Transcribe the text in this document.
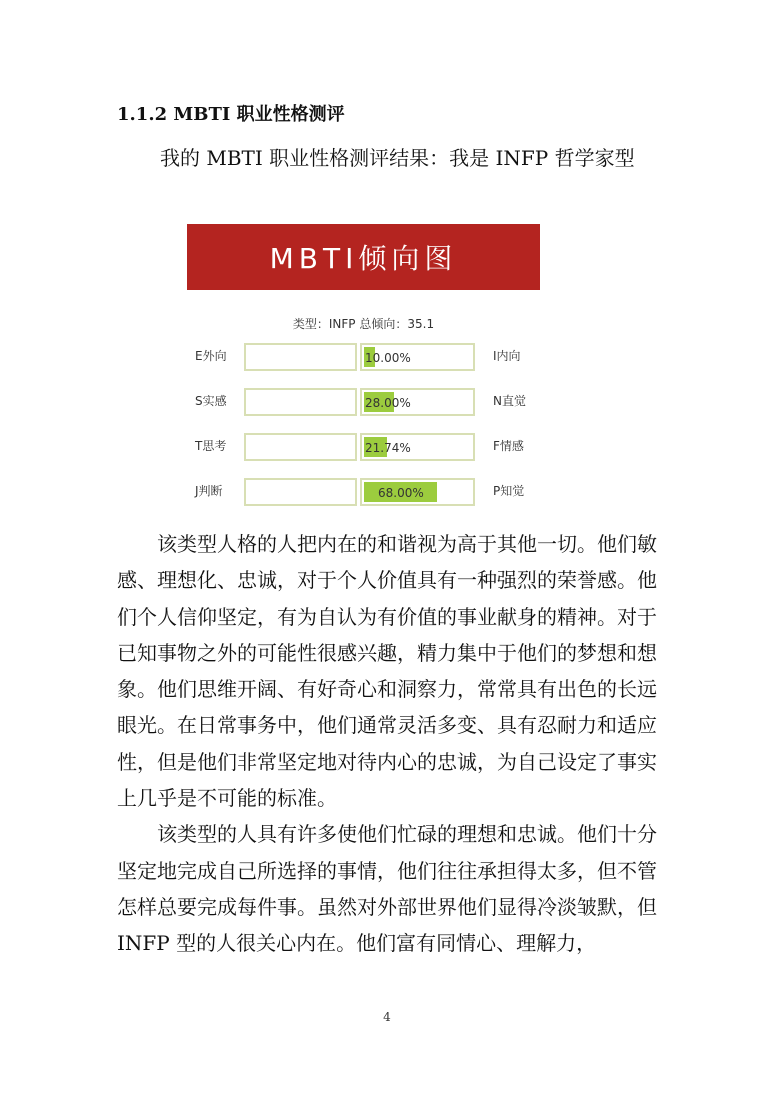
1.1.2 MBTI 职业性格测评
我的 MBTI 职业性格测评结果：我是 INFP 哲学家型
MBTI倾向图
类型：INFP 总倾向：35.1
E外向	10.00%	I内向
S实感	28.00%	N直觉
T思考	21.74%	F情感
J判断	68.00%	P知觉

该类型人格的人把内在的和谐视为高于其他一切。他们敏感、理想化、忠诚，对于个人价值具有一种强烈的荣誉感。他们个人信仰坚定，有为自认为有价值的事业献身的精神。对于已知事物之外的可能性很感兴趣，精力集中于他们的梦想和想象。他们思维开阔、有好奇心和洞察力，常常具有出色的长远眼光。在日常事务中，他们通常灵活多变、具有忍耐力和适应性，但是他们非常坚定地对待内心的忠诚，为自己设定了事实上几乎是不可能的标准。

该类型的人具有许多使他们忙碌的理想和忠诚。他们十分坚定地完成自己所选择的事情，他们往往承担得太多，但不管怎样总要完成每件事。虽然对外部世界他们显得冷淡皱默，但 INFP 型的人很关心内在。他们富有同情心、理解力，

4
